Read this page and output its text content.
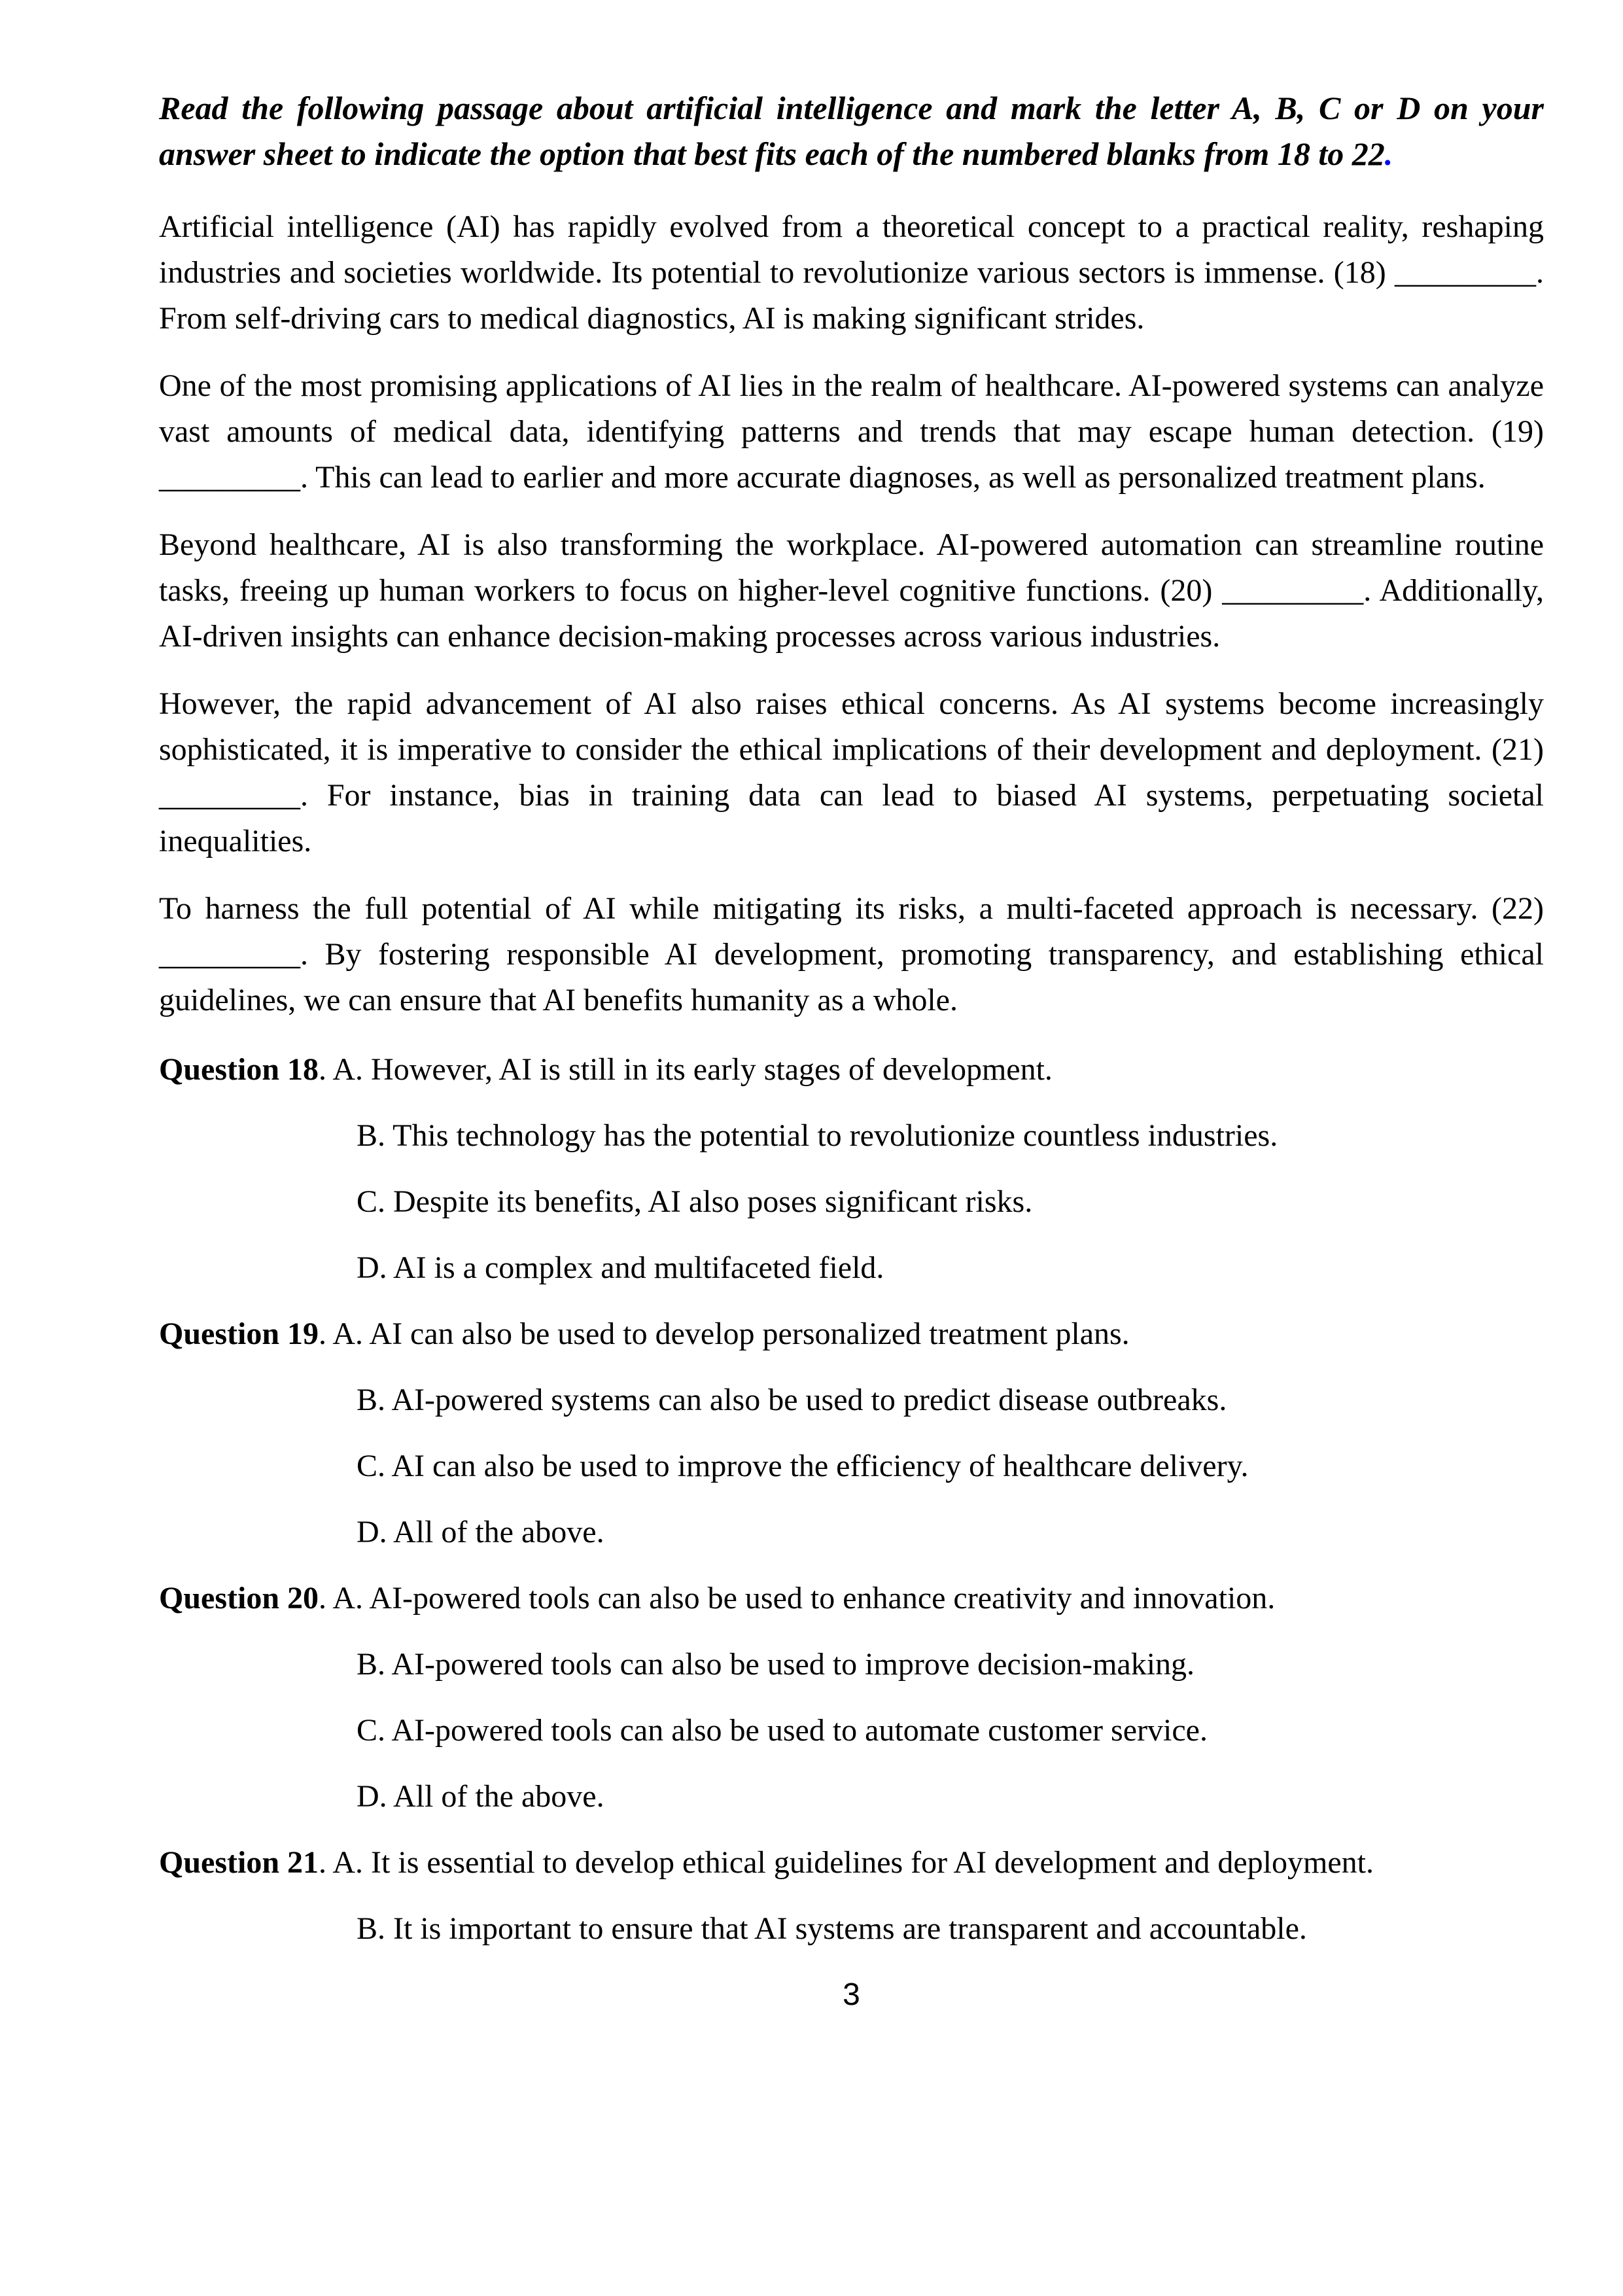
Read the following passage about artificial intelligence and mark the letter A, B, C or D on your answer sheet to indicate the option that best fits each of the numbered blanks from 18 to 22.

Artificial intelligence (AI) has rapidly evolved from a theoretical concept to a practical reality, reshaping industries and societies worldwide. Its potential to revolutionize various sectors is immense. (18) _________. From self-driving cars to medical diagnostics, AI is making significant strides.

One of the most promising applications of AI lies in the realm of healthcare. AI-powered systems can analyze vast amounts of medical data, identifying patterns and trends that may escape human detection. (19) _________. This can lead to earlier and more accurate diagnoses, as well as personalized treatment plans.

Beyond healthcare, AI is also transforming the workplace. AI-powered automation can streamline routine tasks, freeing up human workers to focus on higher-level cognitive functions. (20) _________. Additionally, AI-driven insights can enhance decision-making processes across various industries.

However, the rapid advancement of AI also raises ethical concerns. As AI systems become increasingly sophisticated, it is imperative to consider the ethical implications of their development and deployment. (21) _________. For instance, bias in training data can lead to biased AI systems, perpetuating societal inequalities.

To harness the full potential of AI while mitigating its risks, a multi-faceted approach is necessary. (22) _________. By fostering responsible AI development, promoting transparency, and establishing ethical guidelines, we can ensure that AI benefits humanity as a whole.

Question 18. A. However, AI is still in its early stages of development.
B. This technology has the potential to revolutionize countless industries.
C. Despite its benefits, AI also poses significant risks.
D. AI is a complex and multifaceted field.
Question 19. A. AI can also be used to develop personalized treatment plans.
B. AI-powered systems can also be used to predict disease outbreaks.
C. AI can also be used to improve the efficiency of healthcare delivery.
D. All of the above.
Question 20. A. AI-powered tools can also be used to enhance creativity and innovation.
B. AI-powered tools can also be used to improve decision-making.
C. AI-powered tools can also be used to automate customer service.
D. All of the above.
Question 21. A. It is essential to develop ethical guidelines for AI development and deployment.
B. It is important to ensure that AI systems are transparent and accountable.
3
